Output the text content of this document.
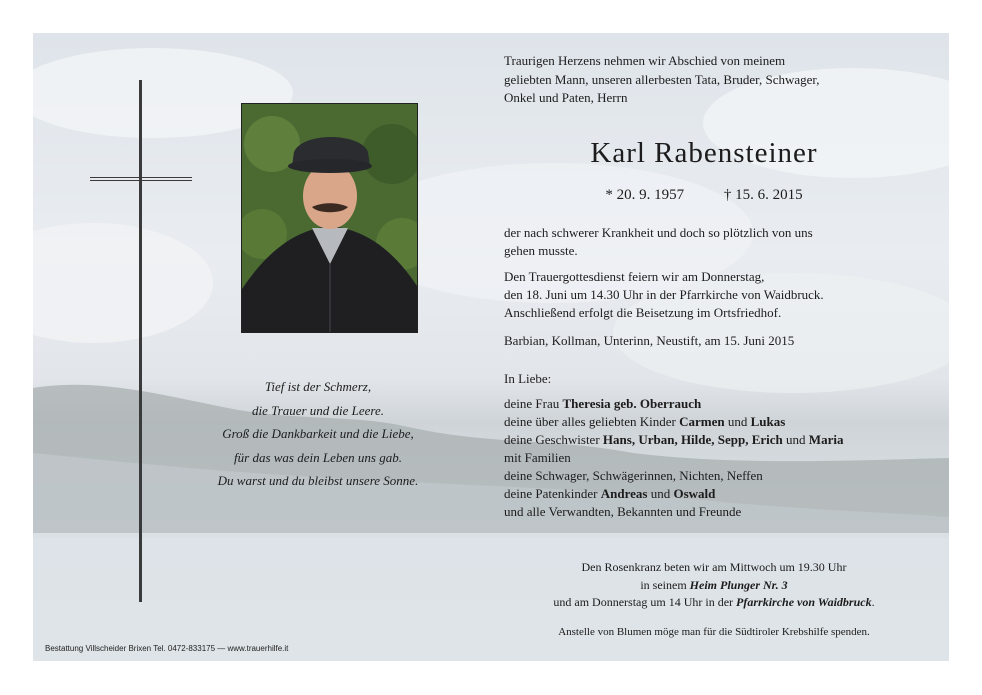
Tief ist der Schmerz,
die Trauer und die Leere.
Groß die Dankbarkeit und die Liebe,
für das was dein Leben uns gab.
Du warst und du bleibst unsere Sonne.
Traurigen Herzens nehmen wir Abschied von meinem
geliebten Mann, unseren allerbesten Tata, Bruder, Schwager,
Onkel und Paten, Herrn
Karl Rabensteiner
* 20. 9. 1957	† 15. 6. 2015
der nach schwerer Krankheit und doch so plötzlich von uns
gehen musste.
Den Trauergottesdienst feiern wir am Donnerstag,
den 18. Juni um 14.30 Uhr in der Pfarrkirche von Waidbruck.
Anschließend erfolgt die Beisetzung im Ortsfriedhof.
Barbian, Kollman, Unterinn, Neustift, am 15. Juni 2015
In Liebe:
deine Frau Theresia geb. Oberrauch
deine über alles geliebten Kinder Carmen und Lukas
deine Geschwister Hans, Urban, Hilde, Sepp, Erich und Maria
mit Familien
deine Schwager, Schwägerinnen, Nichten, Neffen
deine Patenkinder Andreas und Oswald
und alle Verwandten, Bekannten und Freunde
Den Rosenkranz beten wir am Mittwoch um 19.30 Uhr
in seinem Heim Plunger Nr. 3
und am Donnerstag um 14 Uhr in der Pfarrkirche von Waidbruck.
Anstelle von Blumen möge man für die Südtiroler Krebshilfe spenden.
Bestattung Villscheider Brixen Tel. 0472-833175 — www.trauerhilfe.it
